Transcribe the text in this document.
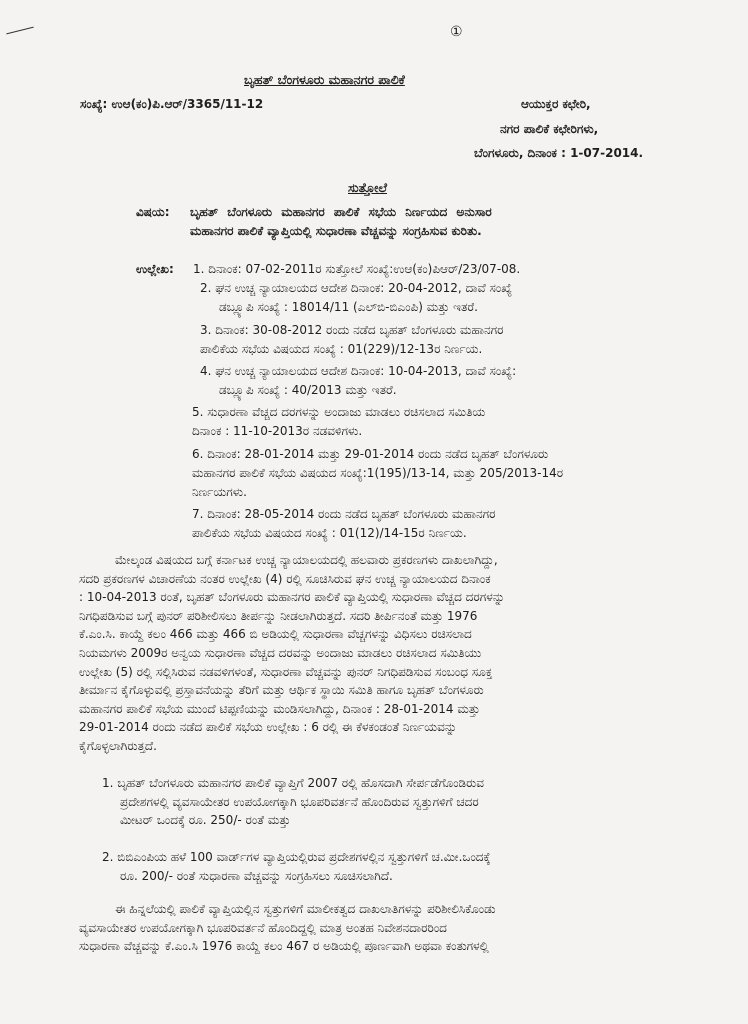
①
ಬೃಹತ್ ಬೆಂಗಳೂರು ಮಹಾನಗರ ಪಾಲಿಕೆ
ಸಂಖ್ಯೆ: ಉಆ(ಕಂ)ಪಿ.ಆರ್/3365/11-12	ಆಯುಕ್ತರ ಕಛೇರಿ,
ನಗರ ಪಾಲಿಕೆ ಕಛೇರಿಗಳು,
ಬೆಂಗಳೂರು, ದಿನಾಂಕ : 1-07-2014.
ಸುತ್ತೋಲೆ
ವಿಷಯ: ಬೃಹತ್ ಬೆಂಗಳೂರು ಮಹಾನಗರ ಪಾಲಿಕೆ ಸಭೆಯ ನಿರ್ಣಯದ ಅನುಸಾರ
ಮಹಾನಗರ ಪಾಲಿಕೆ ವ್ಯಾಪ್ತಿಯಲ್ಲಿ ಸುಧಾರಣಾ ವೆಚ್ಚವನ್ನು ಸಂಗ್ರಹಿಸುವ ಕುರಿತು.
ಉಲ್ಲೇಖ: 1. ದಿನಾಂಕ: 07-02-2011ರ ಸುತ್ತೋಲೆ ಸಂಖ್ಯೆ:ಉಆ(ಕಂ)ಪಿಆರ್/23/07-08.
2. ಘನ ಉಚ್ಚ ನ್ಯಾಯಾಲಯದ ಆದೇಶ ದಿನಾಂಕ: 20-04-2012, ದಾವೆ ಸಂಖ್ಯೆ
ಡಬ್ಲ್ಯೂಪಿ ಸಂಖ್ಯೆ : 18014/11 (ಎಲ್‌ಬಿ-ಬಿಎಂಪಿ) ಮತ್ತು ಇತರೆ.
3. ದಿನಾಂಕ: 30-08-2012 ರಂದು ನಡೆದ ಬೃಹತ್ ಬೆಂಗಳೂರು ಮಹಾನಗರ
ಪಾಲಿಕೆಯ ಸಭೆಯ ವಿಷಯದ ಸಂಖ್ಯೆ : 01(229)/12-13ರ ನಿರ್ಣಯ.
4. ಘನ ಉಚ್ಚ ನ್ಯಾಯಾಲಯದ ಆದೇಶ ದಿನಾಂಕ: 10-04-2013, ದಾವೆ ಸಂಖ್ಯೆ:
ಡಬ್ಲ್ಯೂಪಿ ಸಂಖ್ಯೆ : 40/2013 ಮತ್ತು ಇತರೆ.
5. ಸುಧಾರಣಾ ವೆಚ್ಚದ ದರಗಳನ್ನು ಅಂದಾಜು ಮಾಡಲು ರಚಿಸಲಾದ ಸಮಿತಿಯ
ದಿನಾಂಕ : 11-10-2013ರ ನಡವಳಿಗಳು.
6. ದಿನಾಂಕ: 28-01-2014 ಮತ್ತು 29-01-2014 ರಂದು ನಡೆದ ಬೃಹತ್ ಬೆಂಗಳೂರು
ಮಹಾನಗರ ಪಾಲಿಕೆ ಸಭೆಯ ವಿಷಯದ ಸಂಖ್ಯೆ:1(195)/13-14, ಮತ್ತು 205/2013-14ರ
ನಿರ್ಣಯಗಳು.
7. ದಿನಾಂಕ: 28-05-2014 ರಂದು ನಡೆದ ಬೃಹತ್ ಬೆಂಗಳೂರು ಮಹಾನಗರ
ಪಾಲಿಕೆಯ ಸಭೆಯ ವಿಷಯದ ಸಂಖ್ಯೆ : 01(12)/14-15ರ ನಿರ್ಣಯ.
ಮೇಲ್ಕಂಡ ವಿಷಯದ ಬಗ್ಗೆ ಕರ್ನಾಟಕ ಉಚ್ಚ ನ್ಯಾಯಾಲಯದಲ್ಲಿ ಹಲವಾರು ಪ್ರಕರಣಗಳು ದಾಖಲಾಗಿದ್ದು,
ಸದರಿ ಪ್ರಕರಣಗಳ ವಿಚಾರಣೆಯ ನಂತರ ಉಲ್ಲೇಖ (4) ರಲ್ಲಿ ಸೂಚಿಸಿರುವ ಘನ ಉಚ್ಚ ನ್ಯಾಯಾಲಯದ ದಿನಾಂಕ
: 10-04-2013 ರಂತೆ, ಬೃಹತ್ ಬೆಂಗಳೂರು ಮಹಾನಗರ ಪಾಲಿಕೆ ವ್ಯಾಪ್ತಿಯಲ್ಲಿ ಸುಧಾರಣಾ ವೆಚ್ಚದ ದರಗಳನ್ನು
ನಿಗಧಿಪಡಿಸುವ ಬಗ್ಗೆ ಪುನರ್ ಪರಿಶೀಲಿಸಲು ತೀರ್ಪನ್ನು ನೀಡಲಾಗಿರುತ್ತದೆ. ಸದರಿ ತೀರ್ಪಿನಂತೆ ಮತ್ತು 1976
ಕೆ.ಎಂ.ಸಿ. ಕಾಯ್ದೆ ಕಲಂ 466 ಮತ್ತು 466 ಬಿ ಅಡಿಯಲ್ಲಿ ಸುಧಾರಣಾ ವೆಚ್ಚಗಳನ್ನು ವಿಧಿಸಲು ರಚಿಸಲಾದ
ನಿಯಮಗಳು 2009ರ ಅನ್ವಯ ಸುಧಾರಣಾ ವೆಚ್ಚದ ದರವನ್ನು ಅಂದಾಜು ಮಾಡಲು ರಚಿಸಲಾದ ಸಮಿತಿಯು
ಉಲ್ಲೇಖ (5) ರಲ್ಲಿ ಸಲ್ಲಿಸಿರುವ ನಡವಳಿಗಳಂತೆ, ಸುಧಾರಣಾ ವೆಚ್ಚವನ್ನು ಪುನರ್ ನಿಗಧಿಪಡಿಸುವ ಸಂಬಂಧ ಸೂಕ್ತ
ತೀರ್ಮಾನ ಕೈಗೊಳ್ಳುವಲ್ಲಿ ಪ್ರಸ್ತಾವನೆಯನ್ನು ತೆರಿಗೆ ಮತ್ತು ಆರ್ಥಿಕ ಸ್ಥಾಯಿ ಸಮಿತಿ ಹಾಗೂ ಬೃಹತ್ ಬೆಂಗಳೂರು
ಮಹಾನಗರ ಪಾಲಿಕೆ ಸಭೆಯ ಮುಂದೆ ಟಿಪ್ಪಣಿಯನ್ನು ಮಂಡಿಸಲಾಗಿದ್ದು, ದಿನಾಂಕ : 28-01-2014 ಮತ್ತು
29-01-2014 ರಂದು ನಡೆದ ಪಾಲಿಕೆ ಸಭೆಯ ಉಲ್ಲೇಖ : 6 ರಲ್ಲಿ ಈ ಕೆಳಕಂಡಂತೆ ನಿರ್ಣಯವನ್ನು
ಕೈಗೊಳ್ಳಲಾಗಿರುತ್ತದೆ.
1. ಬೃಹತ್ ಬೆಂಗಳೂರು ಮಹಾನಗರ ಪಾಲಿಕೆ ವ್ಯಾಪ್ತಿಗೆ 2007 ರಲ್ಲಿ ಹೊಸದಾಗಿ ಸೇರ್ಪಡೆಗೊಂಡಿರುವ
ಪ್ರದೇಶಗಳಲ್ಲಿ ವ್ಯವಸಾಯೇತರ ಉಪಯೋಗಕ್ಕಾಗಿ ಭೂಪರಿವರ್ತನೆ ಹೊಂದಿರುವ ಸ್ವತ್ತುಗಳಿಗೆ ಚದರ
ಮೀಟರ್ ಒಂದಕ್ಕೆ ರೂ. 250/- ರಂತೆ ಮತ್ತು
2. ಬಿಬಿಎಂಪಿಯ ಹಳೆ 100 ವಾರ್ಡ್‌ಗಳ ವ್ಯಾಪ್ತಿಯಲ್ಲಿರುವ ಪ್ರದೇಶಗಳಲ್ಲಿನ ಸ್ವತ್ತುಗಳಿಗೆ ಚ.ಮೀ.ಒಂದಕ್ಕೆ
ರೂ. 200/- ರಂತೆ ಸುಧಾರಣಾ ವೆಚ್ಚವನ್ನು ಸಂಗ್ರಹಿಸಲು ಸೂಚಿಸಲಾಗಿದೆ.
ಈ ಹಿನ್ನಲೆಯಲ್ಲಿ ಪಾಲಿಕೆ ವ್ಯಾಪ್ತಿಯಲ್ಲಿನ ಸ್ವತ್ತುಗಳಿಗೆ ಮಾಲೀಕತ್ವದ ದಾಖಲಾತಿಗಳನ್ನು ಪರಿಶೀಲಿಸಿಕೊಂಡು
ವ್ಯವಸಾಯೇತರ ಉಪಯೋಗಕ್ಕಾಗಿ ಭೂಪರಿವರ್ತನೆ ಹೊಂದಿದ್ದಲ್ಲಿ ಮಾತ್ರ ಅಂತಹ ನಿವೇಶನದಾರರಿಂದ
ಸುಧಾರಣಾ ವೆಚ್ಚವನ್ನು ಕೆ.ಎಂ.ಸಿ 1976 ಕಾಯ್ದೆ ಕಲಂ 467 ರ ಅಡಿಯಲ್ಲಿ ಪೂರ್ಣವಾಗಿ ಅಥವಾ ಕಂತುಗಳಲ್ಲಿ
